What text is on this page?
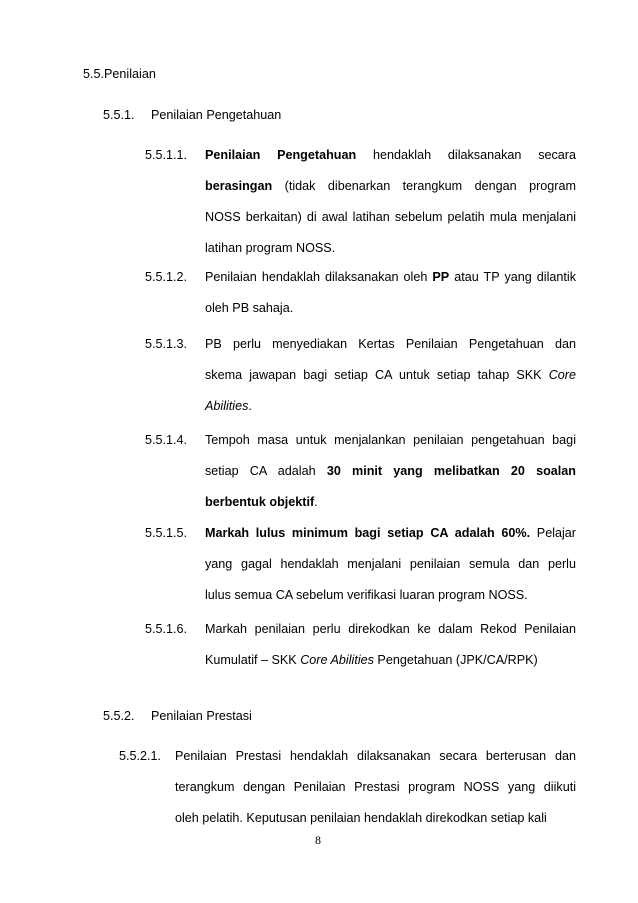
5.5.Penilaian
5.5.1. Penilaian Pengetahuan
5.5.1.1. Penilaian Pengetahuan hendaklah dilaksanakan secara
berasingan (tidak dibenarkan terangkum dengan program
NOSS berkaitan) di awal latihan sebelum pelatih mula menjalani
latihan program NOSS.
5.5.1.2. Penilaian hendaklah dilaksanakan oleh PP atau TP yang dilantik
oleh PB sahaja.
5.5.1.3. PB perlu menyediakan Kertas Penilaian Pengetahuan dan
skema jawapan bagi setiap CA untuk setiap tahap SKK Core
Abilities.
5.5.1.4. Tempoh masa untuk menjalankan penilaian pengetahuan bagi
setiap CA adalah 30 minit yang melibatkan 20 soalan
berbentuk objektif.
5.5.1.5. Markah lulus minimum bagi setiap CA adalah 60%. Pelajar
yang gagal hendaklah menjalani penilaian semula dan perlu
lulus semua CA sebelum verifikasi luaran program NOSS.
5.5.1.6. Markah penilaian perlu direkodkan ke dalam Rekod Penilaian
Kumulatif – SKK Core Abilities Pengetahuan (JPK/CA/RPK)
5.5.2. Penilaian Prestasi
5.5.2.1. Penilaian Prestasi hendaklah dilaksanakan secara berterusan dan
terangkum dengan Penilaian Prestasi program NOSS yang diikuti
oleh pelatih. Keputusan penilaian hendaklah direkodkan setiap kali
8
